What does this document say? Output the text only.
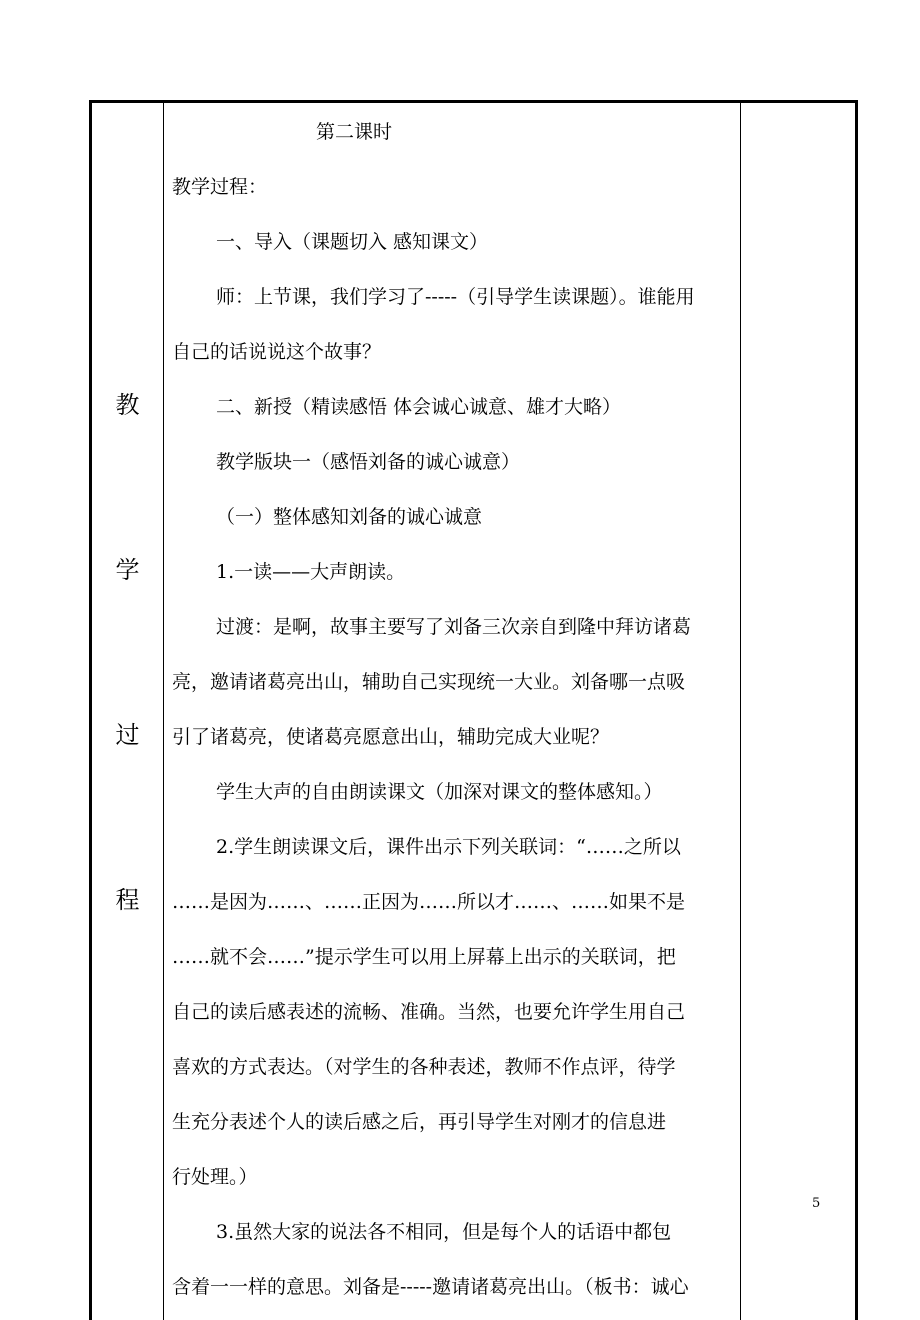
教
学
过
程
第二课时
教学过程：
一、导入（课题切入 感知课文）
师：上节课，我们学习了-----（引导学生读课题）。谁能用
自己的话说说这个故事？
二、新授（精读感悟 体会诚心诚意、雄才大略）
教学版块一（感悟刘备的诚心诚意）
（一）整体感知刘备的诚心诚意
1.一读——大声朗读。
过渡：是啊，故事主要写了刘备三次亲自到隆中拜访诸葛
亮，邀请诸葛亮出山，辅助自己实现统一大业。刘备哪一点吸
引了诸葛亮，使诸葛亮愿意出山，辅助完成大业呢？
学生大声的自由朗读课文（加深对课文的整体感知。）
2.学生朗读课文后，课件出示下列关联词：“……之所以
……是因为……、……正因为……所以才……、……如果不是
……就不会……”提示学生可以用上屏幕上出示的关联词，把
自己的读后感表述的流畅、准确。当然，也要允许学生用自己
喜欢的方式表达。（对学生的各种表述，教师不作点评，待学
生充分表述个人的读后感之后，再引导学生对刚才的信息进
行处理。）
3.虽然大家的说法各不相同，但是每个人的话语中都包
含着一一样的意思。刘备是-----邀请诸葛亮出山。（板书：诚心
5
